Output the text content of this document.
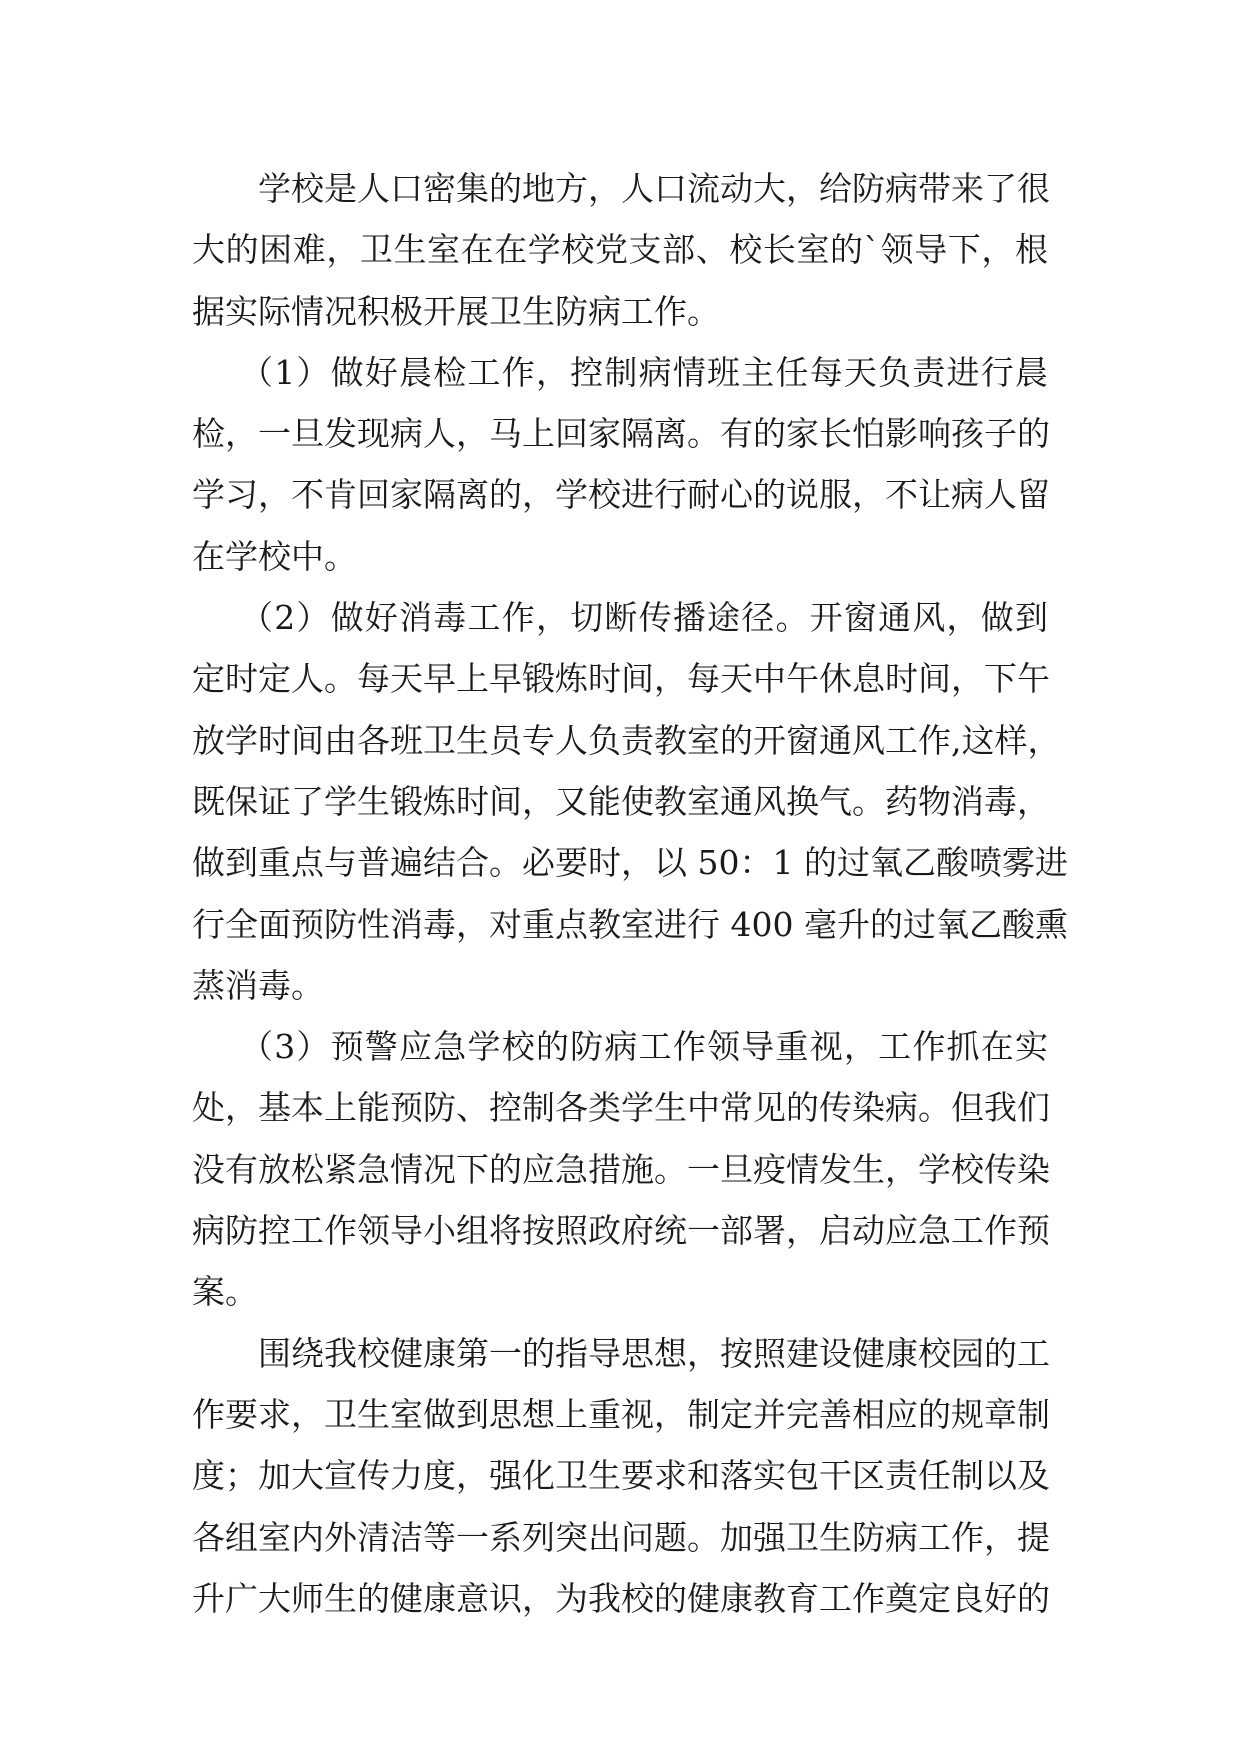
学校是人口密集的地方，人口流动大，给防病带来了很
大的困难，卫生室在在学校党支部、校长室的`领导下，根
据实际情况积极开展卫生防病工作。
（1）做好晨检工作，控制病情班主任每天负责进行晨
检，一旦发现病人，马上回家隔离。有的家长怕影响孩子的
学习，不肯回家隔离的，学校进行耐心的说服，不让病人留
在学校中。
（2）做好消毒工作，切断传播途径。开窗通风，做到
定时定人。每天早上早锻炼时间，每天中午休息时间，下午
放学时间由各班卫生员专人负责教室的开窗通风工作,这样，
既保证了学生锻炼时间，又能使教室通风换气。药物消毒，
做到重点与普遍结合。必要时，以 50：1 的过氧乙酸喷雾进
行全面预防性消毒，对重点教室进行 400 毫升的过氧乙酸熏
蒸消毒。
（3）预警应急学校的防病工作领导重视，工作抓在实
处，基本上能预防、控制各类学生中常见的传染病。但我们
没有放松紧急情况下的应急措施。一旦疫情发生，学校传染
病防控工作领导小组将按照政府统一部署，启动应急工作预
案。
围绕我校健康第一的指导思想，按照建设健康校园的工
作要求，卫生室做到思想上重视，制定并完善相应的规章制
度；加大宣传力度，强化卫生要求和落实包干区责任制以及
各组室内外清洁等一系列突出问题。加强卫生防病工作，提
升广大师生的健康意识，为我校的健康教育工作奠定良好的
